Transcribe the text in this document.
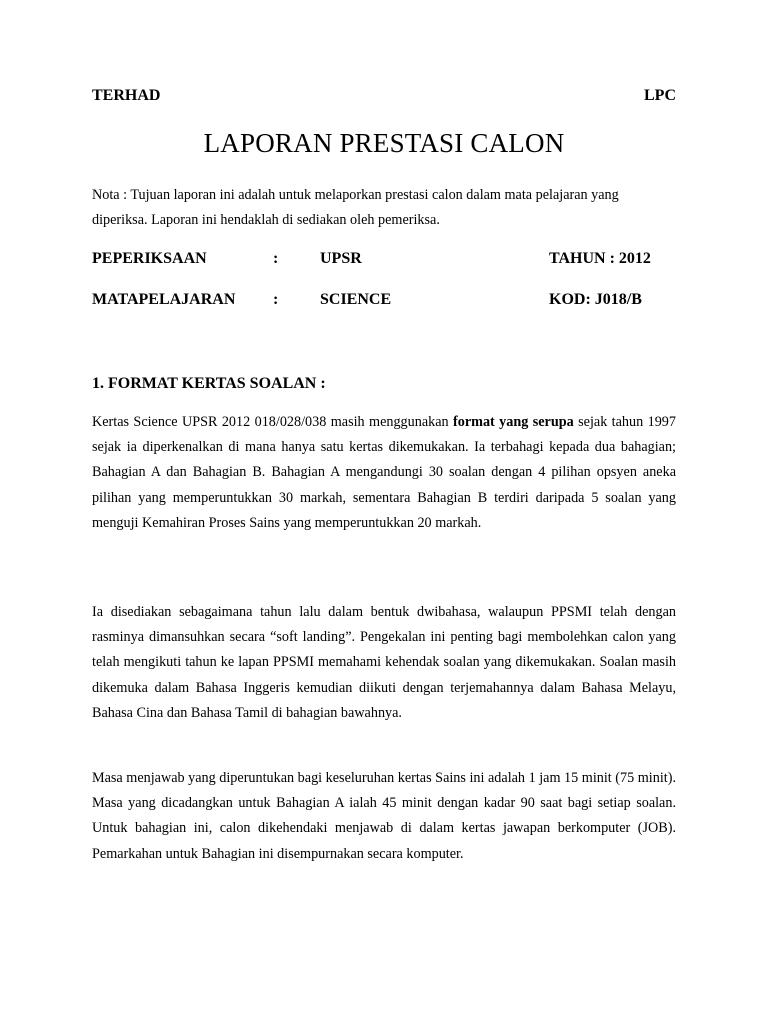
TERHAD	LPC
LAPORAN PRESTASI CALON
Nota : Tujuan laporan ini adalah untuk melaporkan prestasi calon dalam mata pelajaran yang diperiksa. Laporan ini hendaklah di sediakan oleh pemeriksa.
PEPERIKSAAN	:	UPSR	TAHUN : 2012
MATAPELAJARAN :	SCIENCE	KOD: J018/B
1. FORMAT KERTAS SOALAN :
Kertas Science UPSR 2012 018/028/038 masih menggunakan format yang serupa sejak tahun 1997 sejak ia diperkenalkan di mana hanya satu kertas dikemukakan. Ia terbahagi kepada dua bahagian; Bahagian A dan Bahagian B. Bahagian A mengandungi 30 soalan dengan 4 pilihan opsyen aneka pilihan yang memperuntukkan 30 markah, sementara Bahagian B terdiri daripada 5 soalan yang menguji Kemahiran Proses Sains yang memperuntukkan 20 markah.
Ia disediakan sebagaimana tahun lalu dalam bentuk dwibahasa, walaupun PPSMI telah dengan rasminya dimansuhkan secara “soft landing”. Pengekalan ini penting bagi membolehkan calon yang telah mengikuti tahun ke lapan PPSMI memahami kehendak soalan yang dikemukakan. Soalan masih dikemuka dalam Bahasa Inggeris kemudian diikuti dengan terjemahannya dalam Bahasa Melayu, Bahasa Cina dan Bahasa Tamil di bahagian bawahnya.
Masa menjawab yang diperuntukan bagi keseluruhan kertas Sains ini adalah 1 jam 15 minit (75 minit). Masa yang dicadangkan untuk Bahagian A ialah 45 minit dengan kadar 90 saat bagi setiap soalan. Untuk bahagian ini, calon dikehendaki menjawab di dalam kertas jawapan berkomputer (JOB). Pemarkahan untuk Bahagian ini disempurnakan secara komputer.
